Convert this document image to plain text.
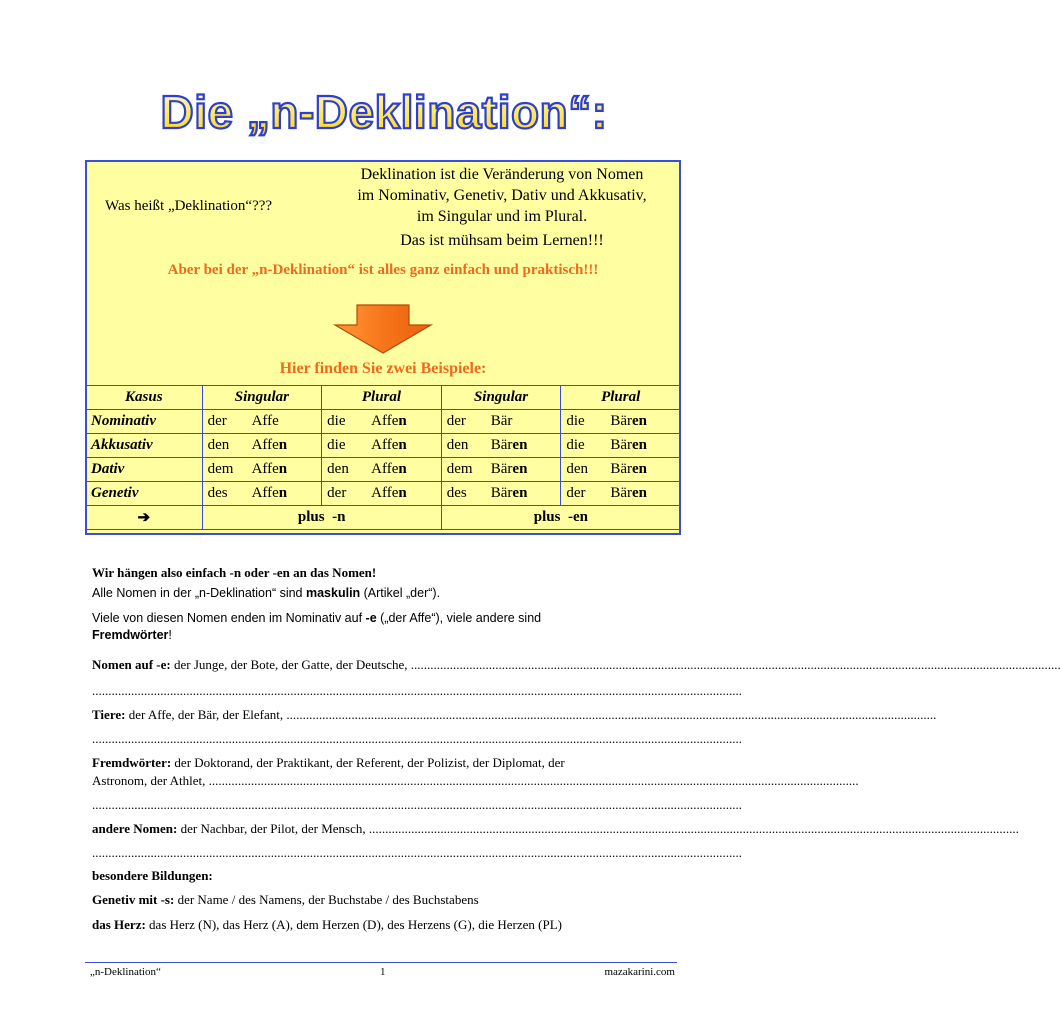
Die „n-Deklination“:
Was heißt „Deklination“???
Deklination ist die Veränderung von Nomen
im Nominativ, Genetiv, Dativ und Akkusativ,
im Singular und im Plural.
Das ist mühsam beim Lernen!!!
Aber bei der „n-Deklination“ ist alles ganz einfach und praktisch!!!
Hier finden Sie zwei Beispiele:
Kasus	Singular	Plural	Singular	Plural
Nominativ	der Affe	die Affen	der Bär	die Bären
Akkusativ	den Affen	die Affen	den Bären	die Bären
Dativ	dem Affen	den Affen	dem Bären	den Bären
Genetiv	des Affen	der Affen	des Bären	der Bären
➔	plus  -n		plus  -en	
Wir hängen also einfach -n oder -en an das Nomen!
Alle Nomen in der „n-Deklination“ sind maskulin (Artikel „der“).
Viele von diesen Nomen enden im Nominativ auf -e („der Affe“), viele andere sind
Fremdwörter!
Nomen auf -e: der Junge, der Bote, der Gatte, der Deutsche, ........................................................................................................................................................................................................
........................................................................................................................................................................................................
Tiere: der Affe, der Bär, der Elefant, ........................................................................................................................................................................................................
........................................................................................................................................................................................................
Fremdwörter: der Doktorand, der Praktikant, der Referent, der Polizist, der Diplomat, der
Astronom, der Athlet, ........................................................................................................................................................................................................
........................................................................................................................................................................................................
andere Nomen: der Nachbar, der Pilot, der Mensch, ........................................................................................................................................................................................................
........................................................................................................................................................................................................
besondere Bildungen:
Genetiv mit -s: der Name / des Namens, der Buchstabe / des Buchstabens
das Herz: das Herz (N), das Herz (A), dem Herzen (D), des Herzens (G), die Herzen (PL)
„n-Deklination“	1	mazakarini.com
